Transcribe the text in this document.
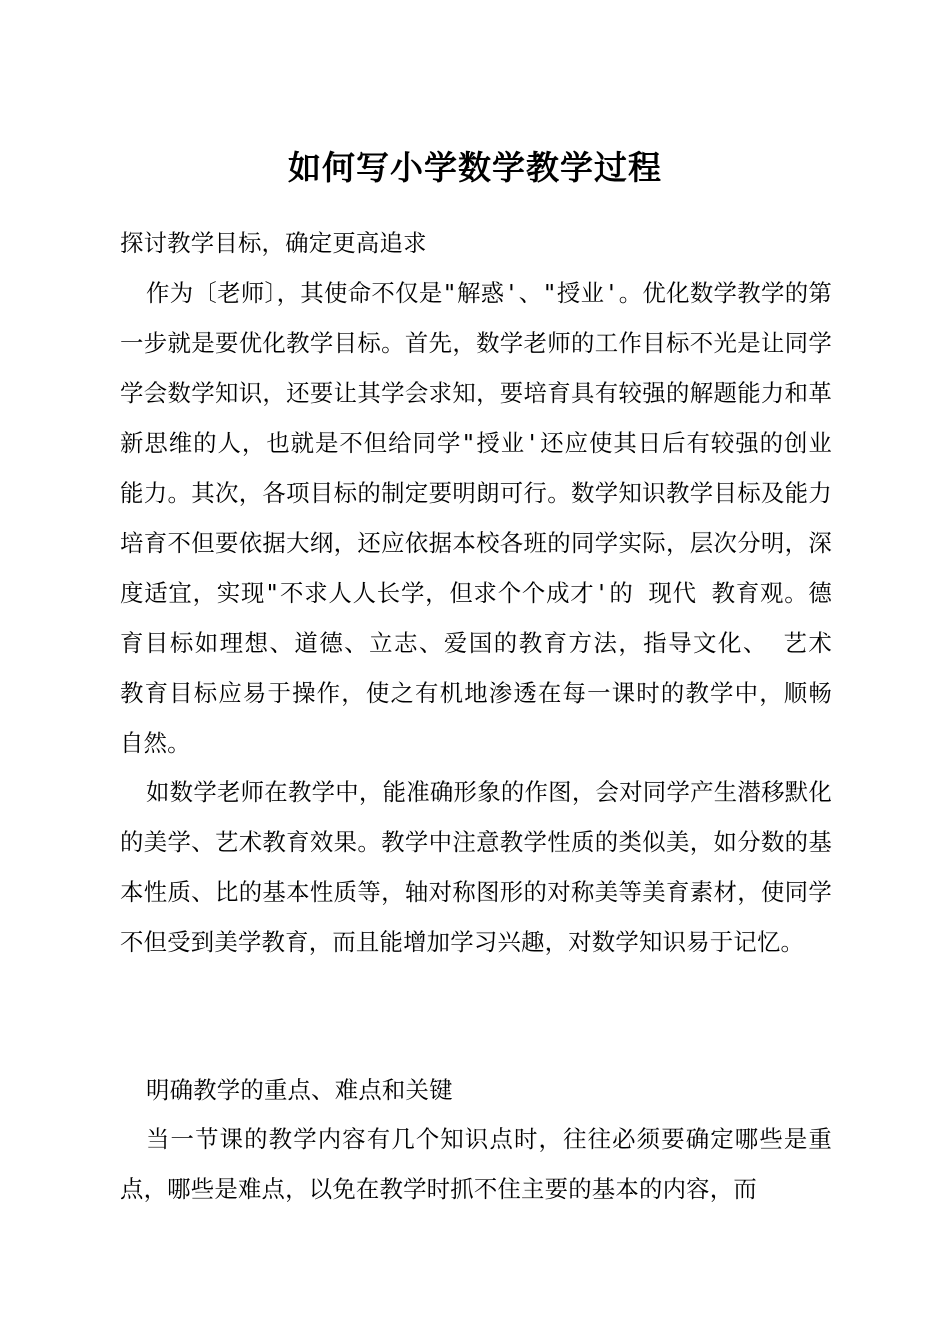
如何写小学数学教学过程

探讨教学目标，确定更高追求

作为〔老师〕，其使命不仅是"解惑'、"授业'。优化数学教学的第一步就是要优化教学目标。首先，数学老师的工作目标不光是让同学学会数学知识，还要让其学会求知，要培育具有较强的解题能力和革新思维的人，也就是不但给同学"授业'还应使其日后有较强的创业能力。其次，各项目标的制定要明朗可行。数学知识教学目标及能力培育不但要依据大纲，还应依据本校各班的同学实际，层次分明，深度适宜，实现"不求人人长学，但求个个成才'的 现代 教育观。德育目标如理想、道德、立志、爱国的教育方法，指导文化、 艺术 教育目标应易于操作，使之有机地渗透在每一课时的教学中，顺畅 自然。

如数学老师在教学中，能准确形象的作图，会对同学产生潜移默化的美学、艺术教育效果。教学中注意教学性质的类似美，如分数的基本性质、比的基本性质等，轴对称图形的对称美等美育素材，使同学不但受到美学教育，而且能增加学习兴趣，对数学知识易于记忆。

明确教学的重点、难点和关键

当一节课的教学内容有几个知识点时，往往必须要确定哪些是重点，哪些是难点，以免在教学时抓不住主要的基本的内容，而
